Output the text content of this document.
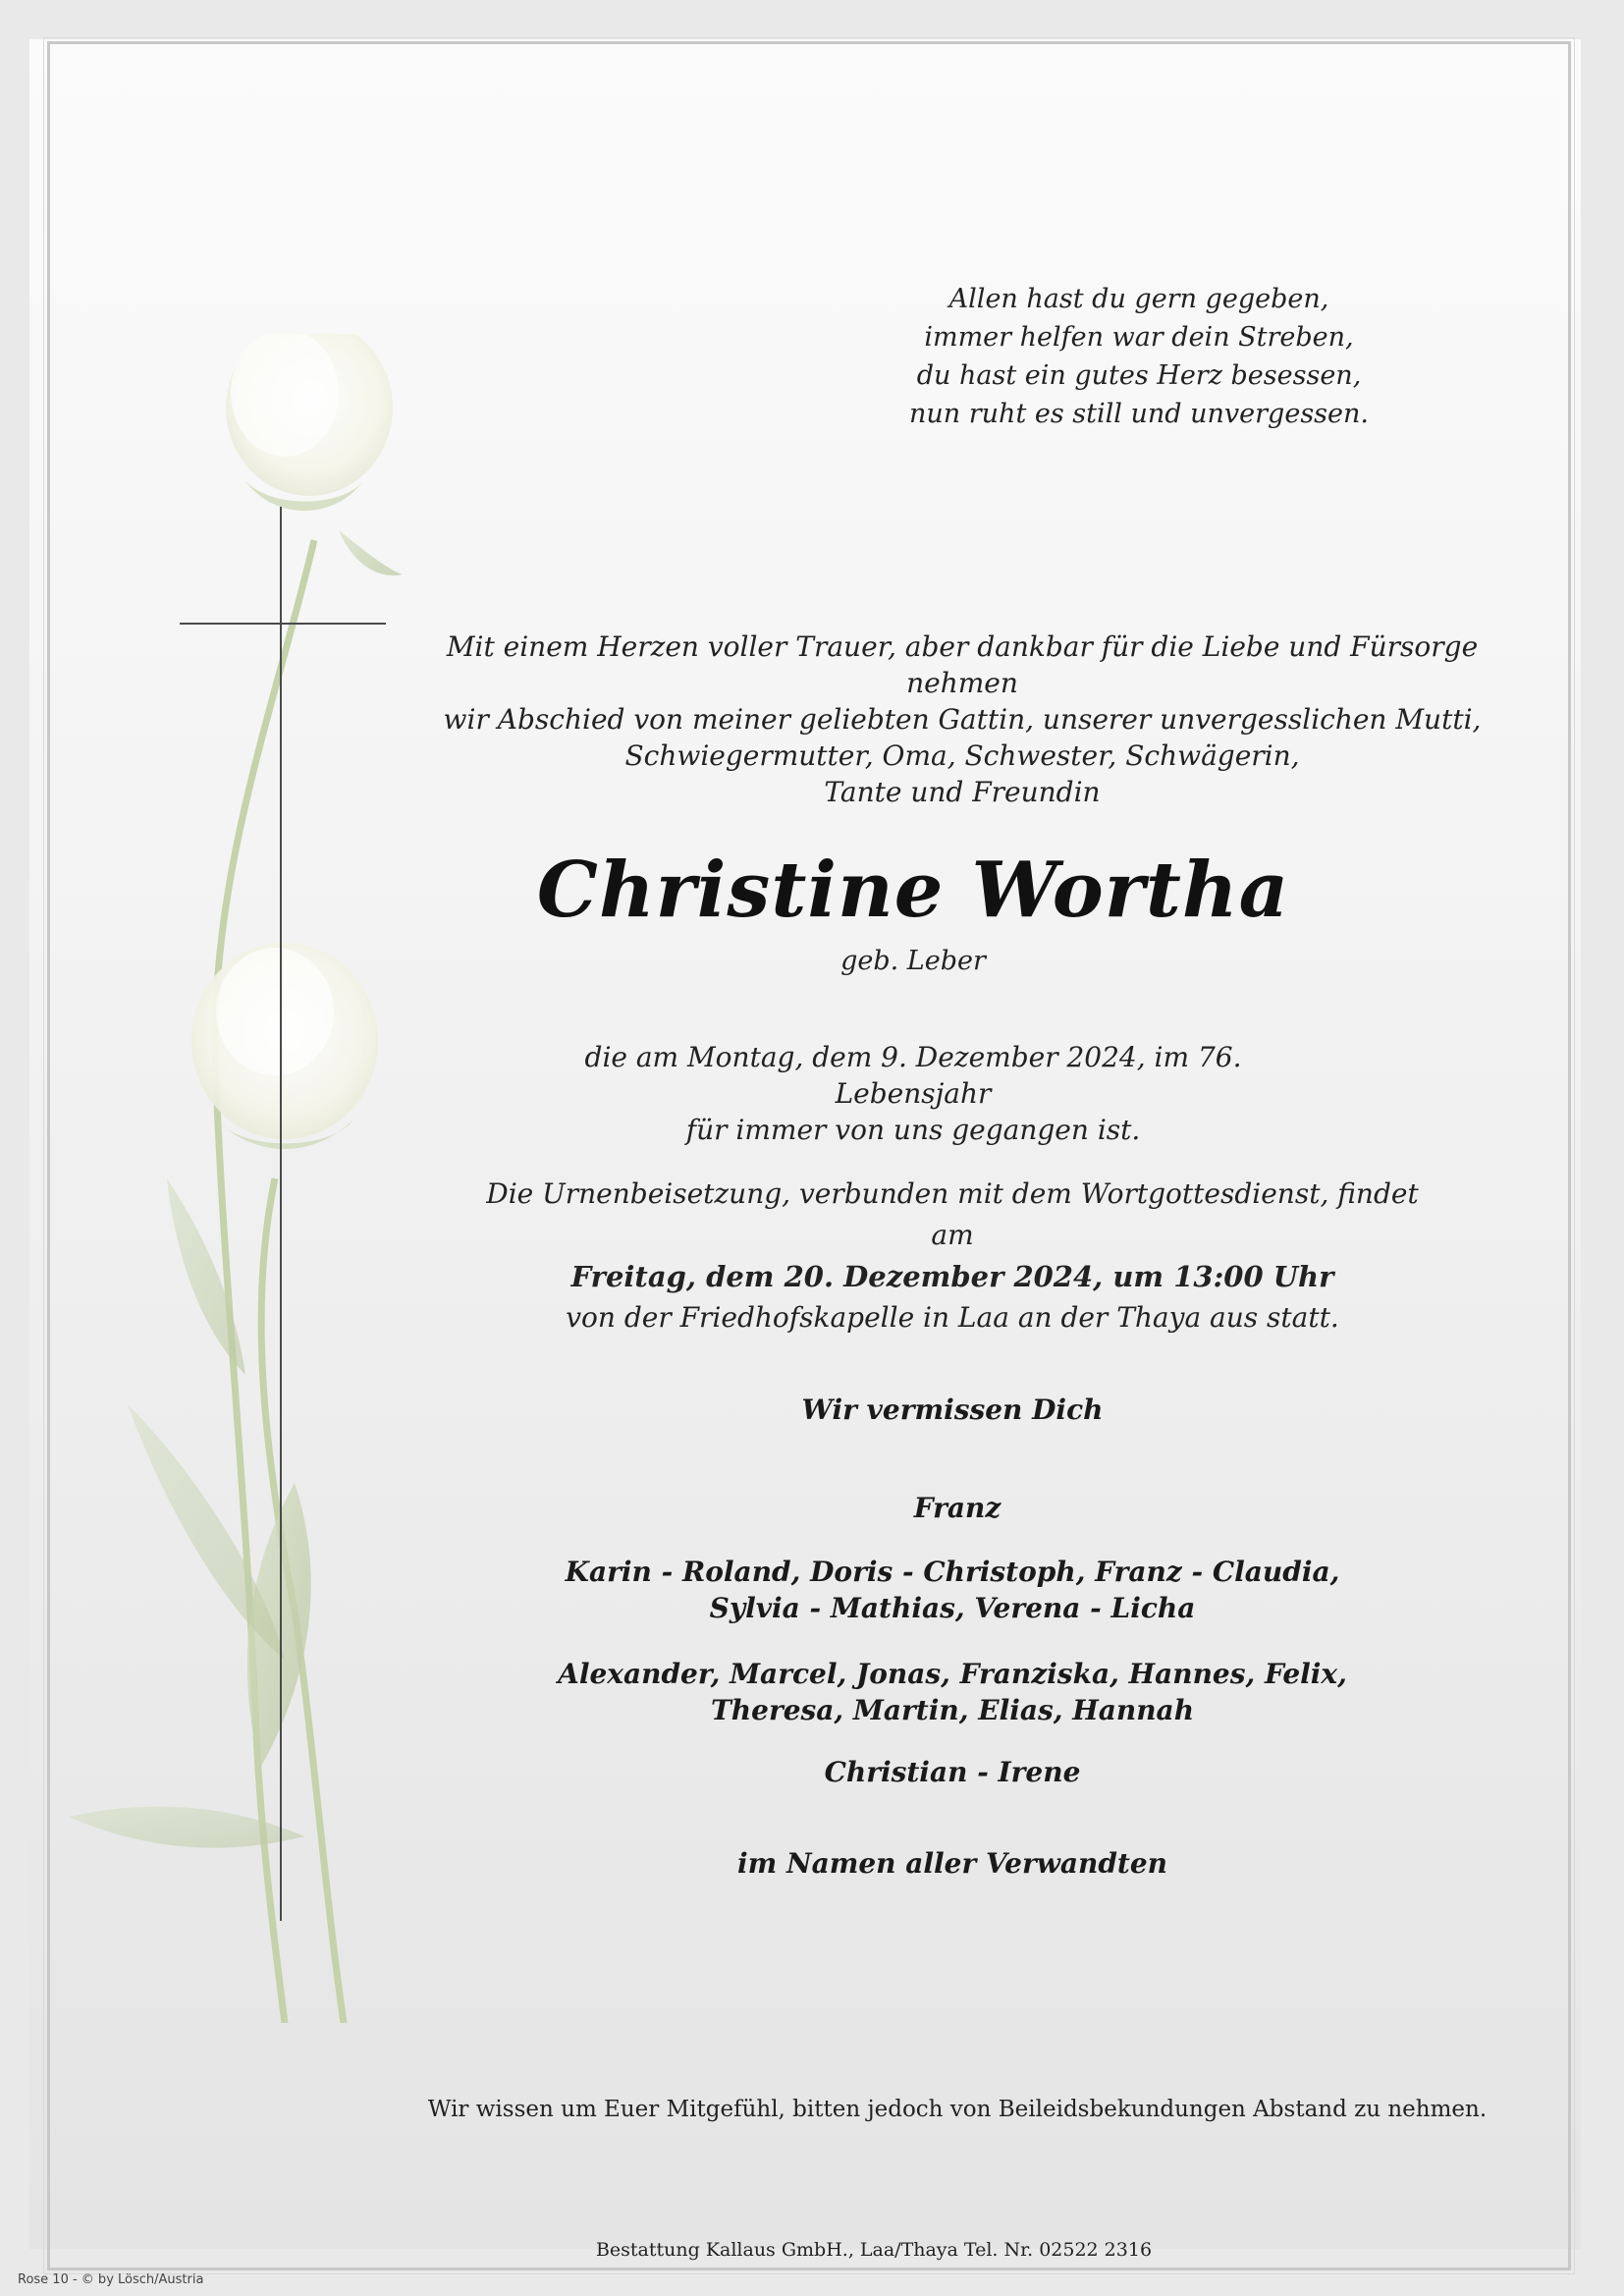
Allen hast du gern gegeben,
immer helfen war dein Streben,
du hast ein gutes Herz besessen,
nun ruht es still und unvergessen.
Mit einem Herzen voller Trauer, aber dankbar für die Liebe und Fürsorge nehmen
wir Abschied von meiner geliebten Gattin, unserer unvergesslichen Mutti,
Schwiegermutter, Oma, Schwester, Schwägerin,
Tante und Freundin
Christine Wortha
geb. Leber
die am Montag, dem 9. Dezember 2024, im 76. Lebensjahr
für immer von uns gegangen ist.
Die Urnenbeisetzung, verbunden mit dem Wortgottesdienst, findet am
Freitag, dem 20. Dezember 2024, um 13:00 Uhr
von der Friedhofskapelle in Laa an der Thaya aus statt.
Wir vermissen Dich
Franz
Karin - Roland, Doris - Christoph, Franz - Claudia,
Sylvia - Mathias, Verena - Licha
Alexander, Marcel, Jonas, Franziska, Hannes, Felix,
Theresa, Martin, Elias, Hannah
Christian - Irene
im Namen aller Verwandten
Wir wissen um Euer Mitgefühl, bitten jedoch von Beileidsbekundungen Abstand zu nehmen.
Bestattung Kallaus GmbH., Laa/Thaya Tel. Nr. 02522 2316
Rose 10 - © by Lösch/Austria
